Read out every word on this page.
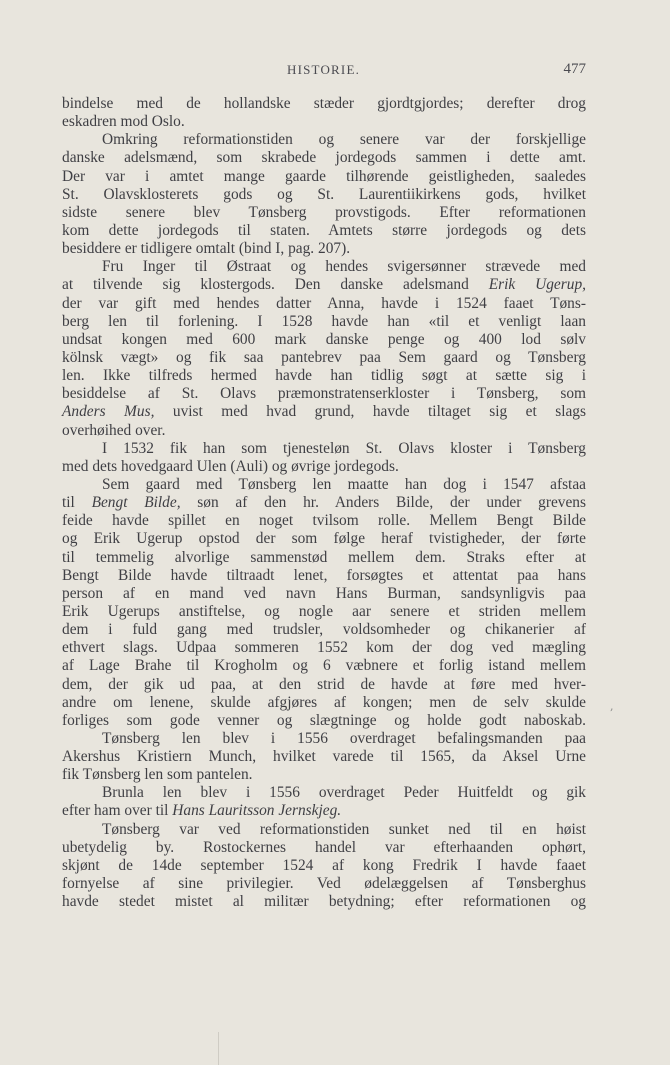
HISTORIE.	477
bindelse med de hollandske stæder gjordtgjordes; derefter drog
eskadren mod Oslo.
Omkring reformationstiden og senere var der forskjellige
danske adelsmænd, som skrabede jordegods sammen i dette amt.
Der var i amtet mange gaarde tilhørende geistligheden, saaledes
St. Olavsklosterets gods og St. Laurentiikirkens gods, hvilket
sidste senere blev Tønsberg provstigods. Efter reformationen
kom dette jordegods til staten. Amtets større jordegods og dets
besiddere er tidligere omtalt (bind I, pag. 207).
Fru Inger til Østraat og hendes svigersønner strævede med
at tilvende sig klostergods. Den danske adelsmand Erik Ugerup,
der var gift med hendes datter Anna, havde i 1524 faaet Tøns-
berg len til forlening. I 1528 havde han «til et venligt laan
undsat kongen med 600 mark danske penge og 400 lod sølv
kölnsk vægt» og fik saa pantebrev paa Sem gaard og Tønsberg
len. Ikke tilfreds hermed havde han tidlig søgt at sætte sig i
besiddelse af St. Olavs præmonstratenserkloster i Tønsberg, som
Anders Mus, uvist med hvad grund, havde tiltaget sig et slags
overhøihed over.
I 1532 fik han som tjenesteløn St. Olavs kloster i Tønsberg
med dets hovedgaard Ulen (Auli) og øvrige jordegods.
Sem gaard med Tønsberg len maatte han dog i 1547 afstaa
til Bengt Bilde, søn af den hr. Anders Bilde, der under grevens
feide havde spillet en noget tvilsom rolle. Mellem Bengt Bilde
og Erik Ugerup opstod der som følge heraf tvistigheder, der førte
til temmelig alvorlige sammenstød mellem dem. Straks efter at
Bengt Bilde havde tiltraadt lenet, forsøgtes et attentat paa hans
person af en mand ved navn Hans Burman, sandsynligvis paa
Erik Ugerups anstiftelse, og nogle aar senere et striden mellem
dem i fuld gang med trudsler, voldsomheder og chikanerier af
ethvert slags. Udpaa sommeren 1552 kom der dog ved mægling
af Lage Brahe til Krogholm og 6 væbnere et forlig istand mellem
dem, der gik ud paa, at den strid de havde at føre med hver-
andre om lenene, skulde afgjøres af kongen; men de selv skulde
forliges som gode venner og slægtninge og holde godt naboskab.
Tønsberg len blev i 1556 overdraget befalingsmanden paa
Akershus Kristiern Munch, hvilket varede til 1565, da Aksel Urne
fik Tønsberg len som pantelen.
Brunla len blev i 1556 overdraget Peder Huitfeldt og gik
efter ham over til Hans Lauritsson Jernskjeg.
Tønsberg var ved reformationstiden sunket ned til en høist
ubetydelig by. Rostockernes handel var efterhaanden ophørt,
skjønt de 14de september 1524 af kong Fredrik I havde faaet
fornyelse af sine privilegier. Ved ødelæggelsen af Tønsberghus
havde stedet mistet al militær betydning; efter reformationen og
,
